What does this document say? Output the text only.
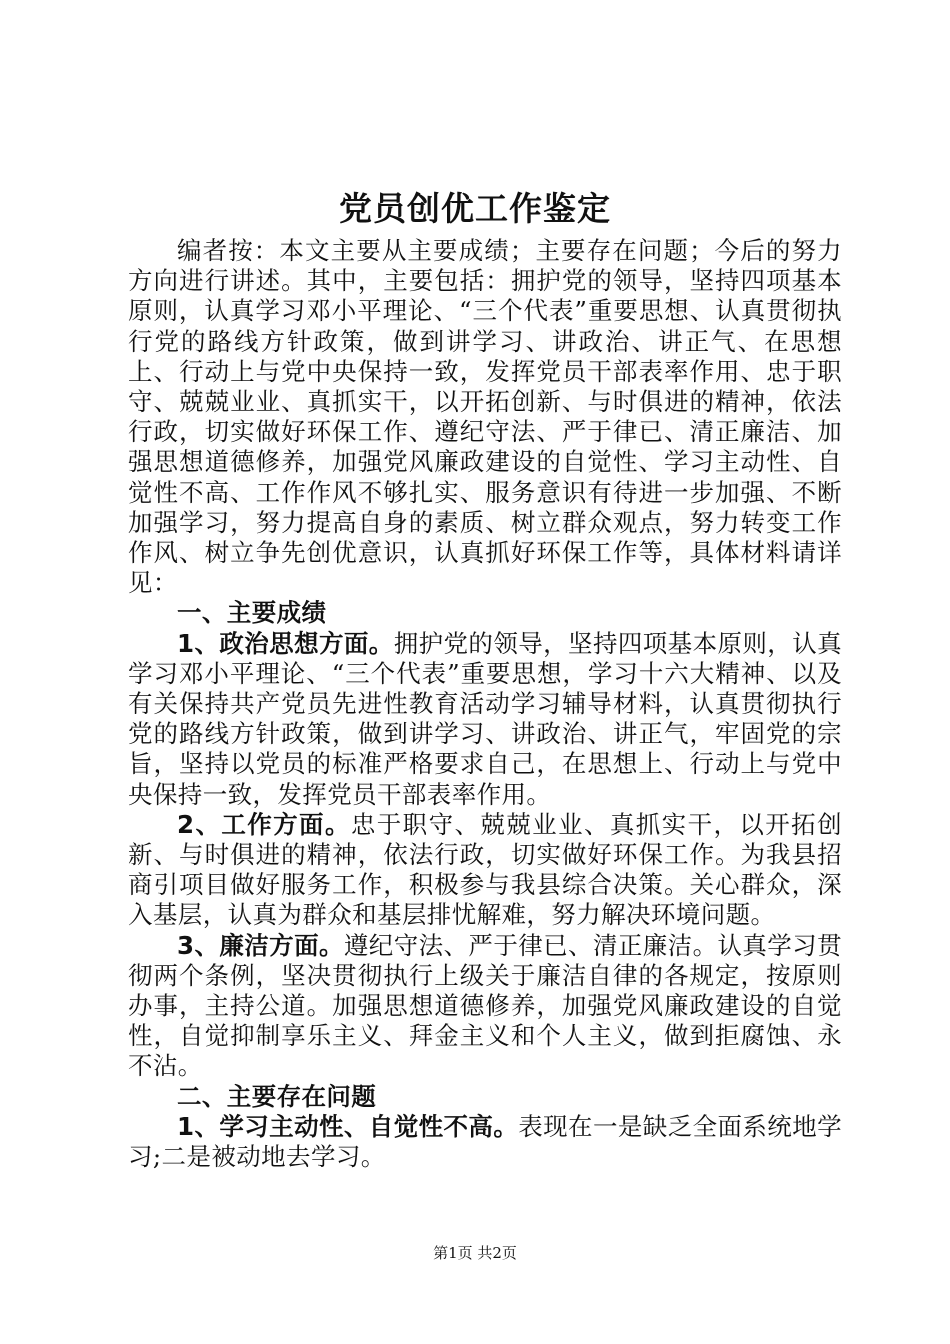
党员创优工作鉴定

编者按：本文主要从主要成绩；主要存在问题；今后的努力方向进行讲述。其中，主要包括：拥护党的领导，坚持四项基本原则，认真学习邓小平理论、“三个代表”重要思想、认真贯彻执行党的路线方针政策，做到讲学习、讲政治、讲正气、在思想上、行动上与党中央保持一致，发挥党员干部表率作用、忠于职守、兢兢业业、真抓实干，以开拓创新、与时俱进的精神，依法行政，切实做好环保工作、遵纪守法、严于律已、清正廉洁、加强思想道德修养，加强党风廉政建设的自觉性、学习主动性、自觉性不高、工作作风不够扎实、服务意识有待进一步加强、不断加强学习，努力提高自身的素质、树立群众观点，努力转变工作作风、树立争先创优意识，认真抓好环保工作等，具体材料请详见：

一、主要成绩

1、政治思想方面。拥护党的领导，坚持四项基本原则，认真学习邓小平理论、“三个代表”重要思想，学习十六大精神、以及有关保持共产党员先进性教育活动学习辅导材料，认真贯彻执行党的路线方针政策，做到讲学习、讲政治、讲正气，牢固党的宗旨，坚持以党员的标准严格要求自己，在思想上、行动上与党中央保持一致，发挥党员干部表率作用。

2、工作方面。忠于职守、兢兢业业、真抓实干，以开拓创新、与时俱进的精神，依法行政，切实做好环保工作。为我县招商引项目做好服务工作，积极参与我县综合决策。关心群众，深入基层，认真为群众和基层排忧解难，努力解决环境问题。

3、廉洁方面。遵纪守法、严于律已、清正廉洁。认真学习贯彻两个条例，坚决贯彻执行上级关于廉洁自律的各规定，按原则办事，主持公道。加强思想道德修养，加强党风廉政建设的自觉性，自觉抑制享乐主义、拜金主义和个人主义，做到拒腐蚀、永不沾。

二、主要存在问题

1、学习主动性、自觉性不高。表现在一是缺乏全面系统地学习;二是被动地去学习。

第1页 共2页
